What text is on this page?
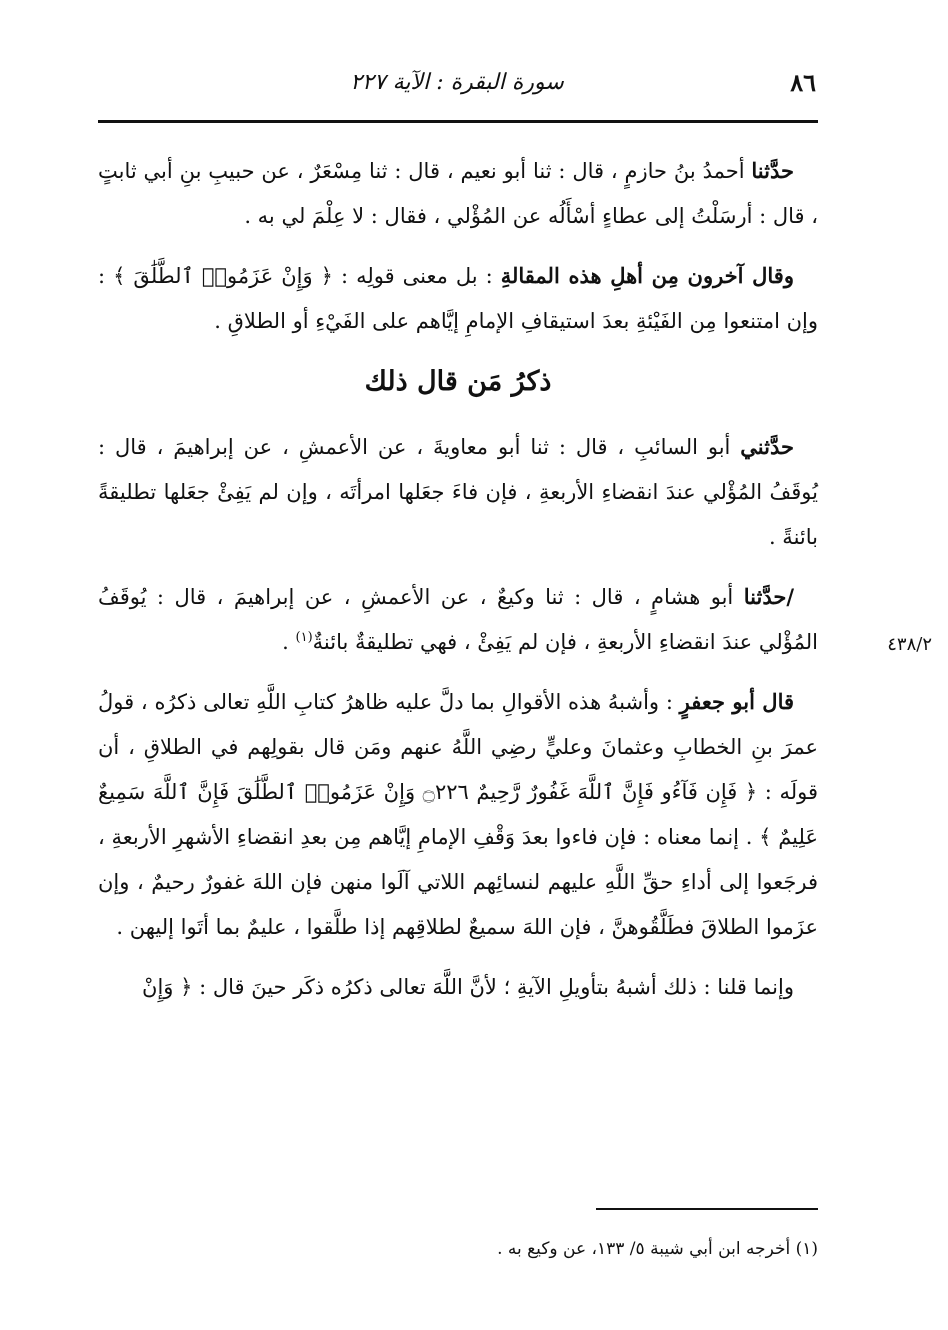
٨٦
سورة البقرة : الآية ٢٢٧
٤٣٨/٢

حدَّثنا أحمدُ بنُ حازمٍ ، قال : ثنا أبو نعيم ، قال : ثنا مِسْعَرٌ ، عن حبيبِ بنِ أبي ثابتٍ ، قال : أرسَلْتُ إلى عطاءٍ أسْأَلُه عن المُؤْلي ، فقال : لا عِلْمَ لي به .

وقال آخرون مِن أهلِ هذه المقالةِ : بل معنى قولِه : ﴿ وَإِنْ عَزَمُوا۟ ٱلطَّلَٰقَ ﴾ : وإن امتنعوا مِن الفَيْئةِ بعدَ استيقافِ الإمامِ إيَّاهم على الفَيْءِ أو الطلاقِ .

ذكرُ مَن قال ذلك

حدَّثني أبو السائبِ ، قال : ثنا أبو معاويةَ ، عن الأعمشِ ، عن إبراهيمَ ، قال : يُوقَفُ المُؤْلي عندَ انقضاءِ الأربعةِ ، فإن فاءَ جعَلها امرأتَه ، وإن لم يَفِئْ جعَلها تطليقةً بائنةً .

/حدَّثنا أبو هشامٍ ، قال : ثنا وكيعٌ ، عن الأعمشِ ، عن إبراهيمَ ، قال : يُوقَفُ المُؤْلي عندَ انقضاءِ الأربعةِ ، فإن لم يَفِئْ ، فهي تطليقةٌ بائنةٌ$^{(١)}$ .

قال أبو جعفرٍ : وأشبهُ هذه الأقوالِ بما دلَّ عليه ظاهرُ كتابِ اللَّهِ تعالى ذكرُه ، قولُ عمرَ بنِ الخطابِ وعثمانَ وعليٍّ رضِي اللَّهُ عنهم ومَن قال بقولِهم في الطلاقِ ، أن قولَه : ﴿ فَإِن فَآءُو فَإِنَّ ٱللَّهَ غَفُورٌ رَّحِيمٌ ۝٢٢٦ وَإِنْ عَزَمُوا۟ ٱلطَّلَٰقَ فَإِنَّ ٱللَّهَ سَمِيعٌ عَلِيمٌ ﴾ . إنما معناه : فإن فاءوا بعدَ وَقْفِ الإمامِ إيَّاهم مِن بعدِ انقضاءِ الأشهرِ الأربعةِ ، فرجَعوا إلى أداءِ حقِّ اللَّهِ عليهم لنسائِهم اللاتي آلَوا منهن فإن اللهَ غفورٌ رحيمٌ ، وإن عزَموا الطلاقَ فطَلَّقُوهنَّ ، فإن اللهَ سميعٌ لطلاقِهم إذا طلَّقوا ، عليمٌ بما أتَوا إليهن .

وإنما قلنا : ذلك أشبهُ بتأويلِ الآيةِ ؛ لأنَّ اللَّهَ تعالى ذكرُه ذكَر حينَ قال : ﴿ وَإِنْ

(١) أخرجه ابن أبي شيبة ٥/ ١٣٣، عن وكيع به .
